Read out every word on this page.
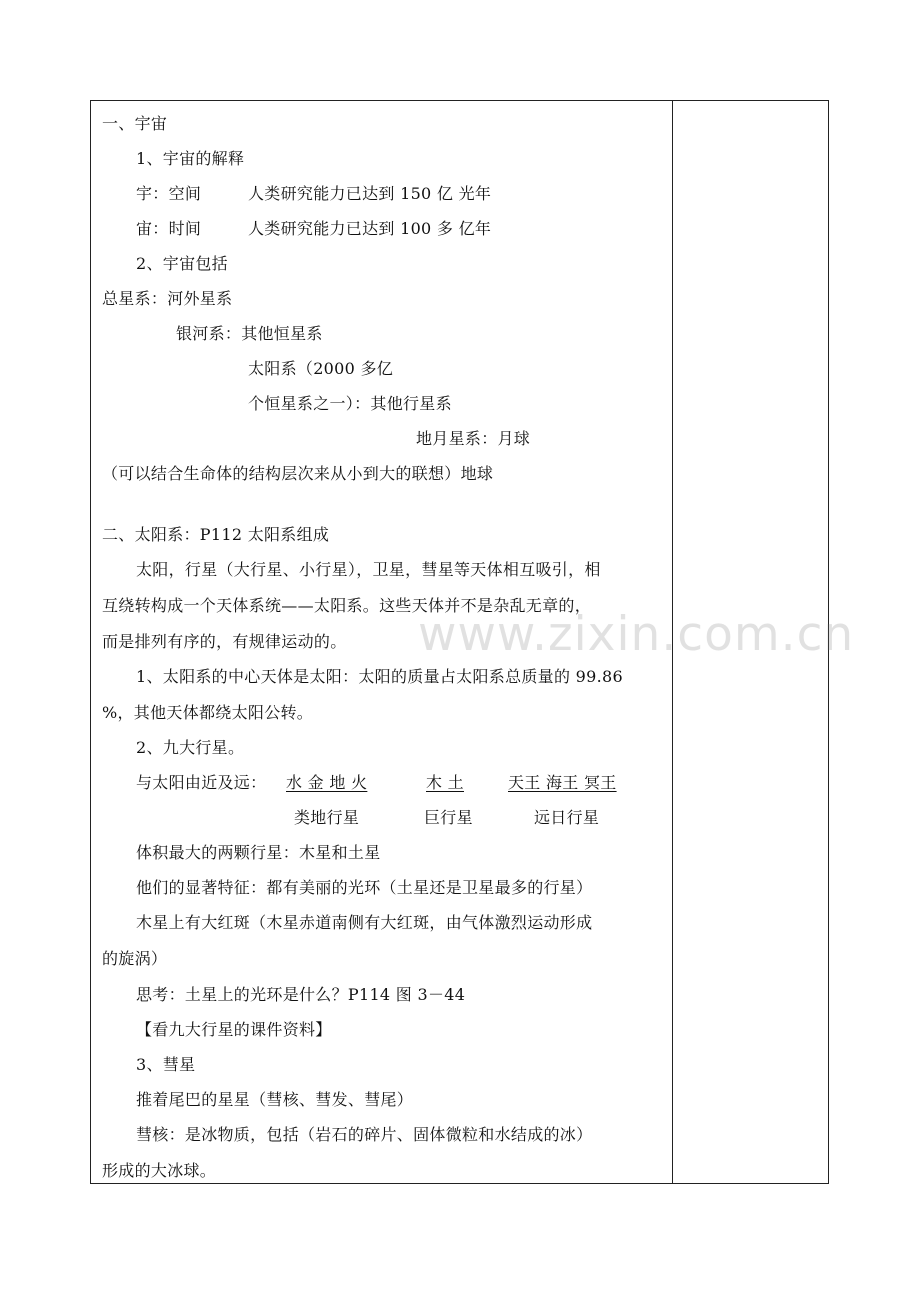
一、宇宙
1、宇宙的解释
宇：空间	人类研究能力已达到 150 亿 光年
宙：时间	人类研究能力已达到 100 多 亿年
2、宇宙包括
总星系：河外星系
银河系：其他恒星系
太阳系（2000 多亿
个恒星系之一）：其他行星系
地月星系：月球
（可以结合生命体的结构层次来从小到大的联想）地球
二、太阳系：P112 太阳系组成
太阳，行星（大行星、小行星），卫星，彗星等天体相互吸引，相
互绕转构成一个天体系统——太阳系。这些天体并不是杂乱无章的，
而是排列有序的，有规律运动的。
1、太阳系的中心天体是太阳：太阳的质量占太阳系总质量的 99.86
%，其他天体都绕太阳公转。
2、九大行星。
与太阳由近及远： 水 金 地 火	木 土	天王 海王 冥王
类地行星	巨行星	远日行星
体积最大的两颗行星：木星和土星
他们的显著特征：都有美丽的光环（土星还是卫星最多的行星）
木星上有大红斑（木星赤道南侧有大红斑，由气体激烈运动形成
的旋涡）
思考：土星上的光环是什么？P114 图 3－44
【看九大行星的课件资料】
3、彗星
推着尾巴的星星（彗核、彗发、彗尾）
彗核：是冰物质，包括（岩石的碎片、固体微粒和水结成的冰）
形成的大冰球。
www.zixin.com.cn
